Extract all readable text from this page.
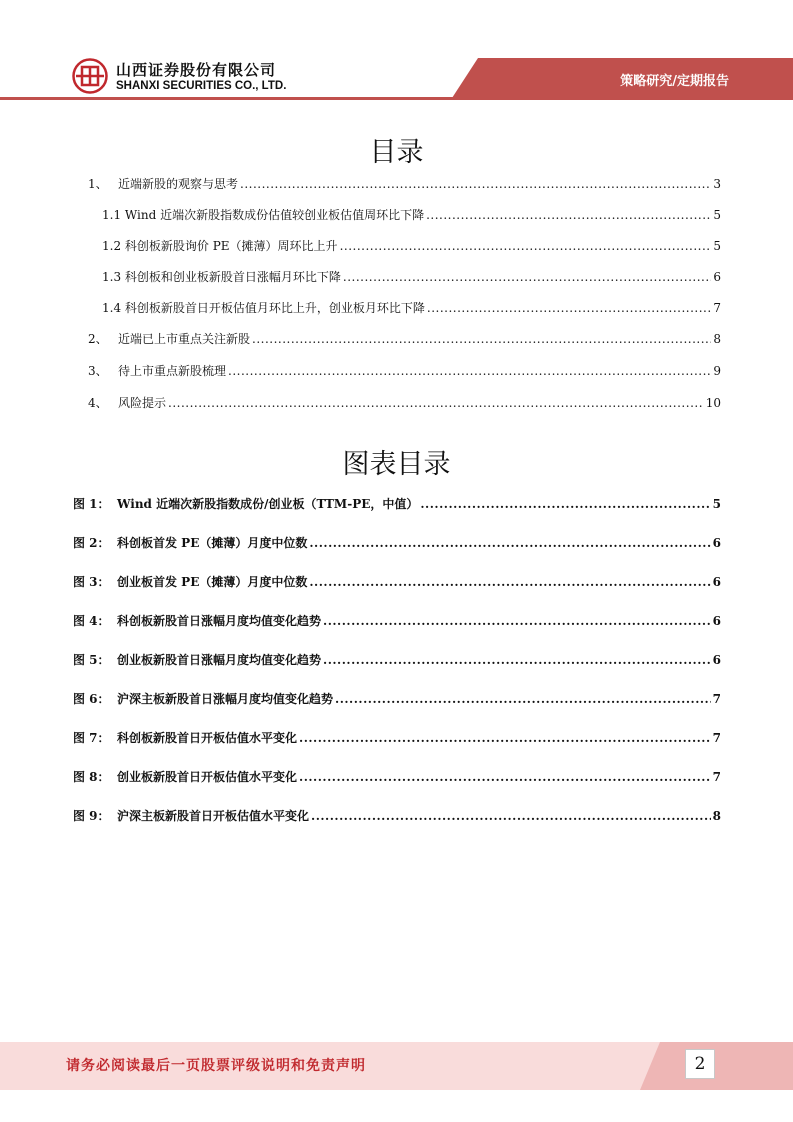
山西证券股份有限公司
SHANXI SECURITIES CO., LTD.	策略研究/定期报告
目录
1、 近端新股的观察与思考 .....	3
1.1 Wind 近端次新股指数成份估值较创业板估值周环比下降 .....	5
1.2 科创板新股询价 PE（摊薄）周环比上升 .....	5
1.3 科创板和创业板新股首日涨幅月环比下降 .....	6
1.4 科创板新股首日开板估值月环比上升，创业板月环比下降 .....	7
2、 近端已上市重点关注新股 .....	8
3、 待上市重点新股梳理 .....	9
4、 风险提示 .....	10
图表目录
图 1： Wind 近端次新股指数成份/创业板（TTM-PE，中值） .....	5
图 2： 科创板首发 PE（摊薄）月度中位数 .....	6
图 3： 创业板首发 PE（摊薄）月度中位数 .....	6
图 4： 科创板新股首日涨幅月度均值变化趋势 .....	6
图 5： 创业板新股首日涨幅月度均值变化趋势 .....	6
图 6： 沪深主板新股首日涨幅月度均值变化趋势 .....	7
图 7： 科创板新股首日开板估值水平变化 .....	7
图 8： 创业板新股首日开板估值水平变化 .....	7
图 9： 沪深主板新股首日开板估值水平变化 .....	8
请务必阅读最后一页股票评级说明和免责声明	2
